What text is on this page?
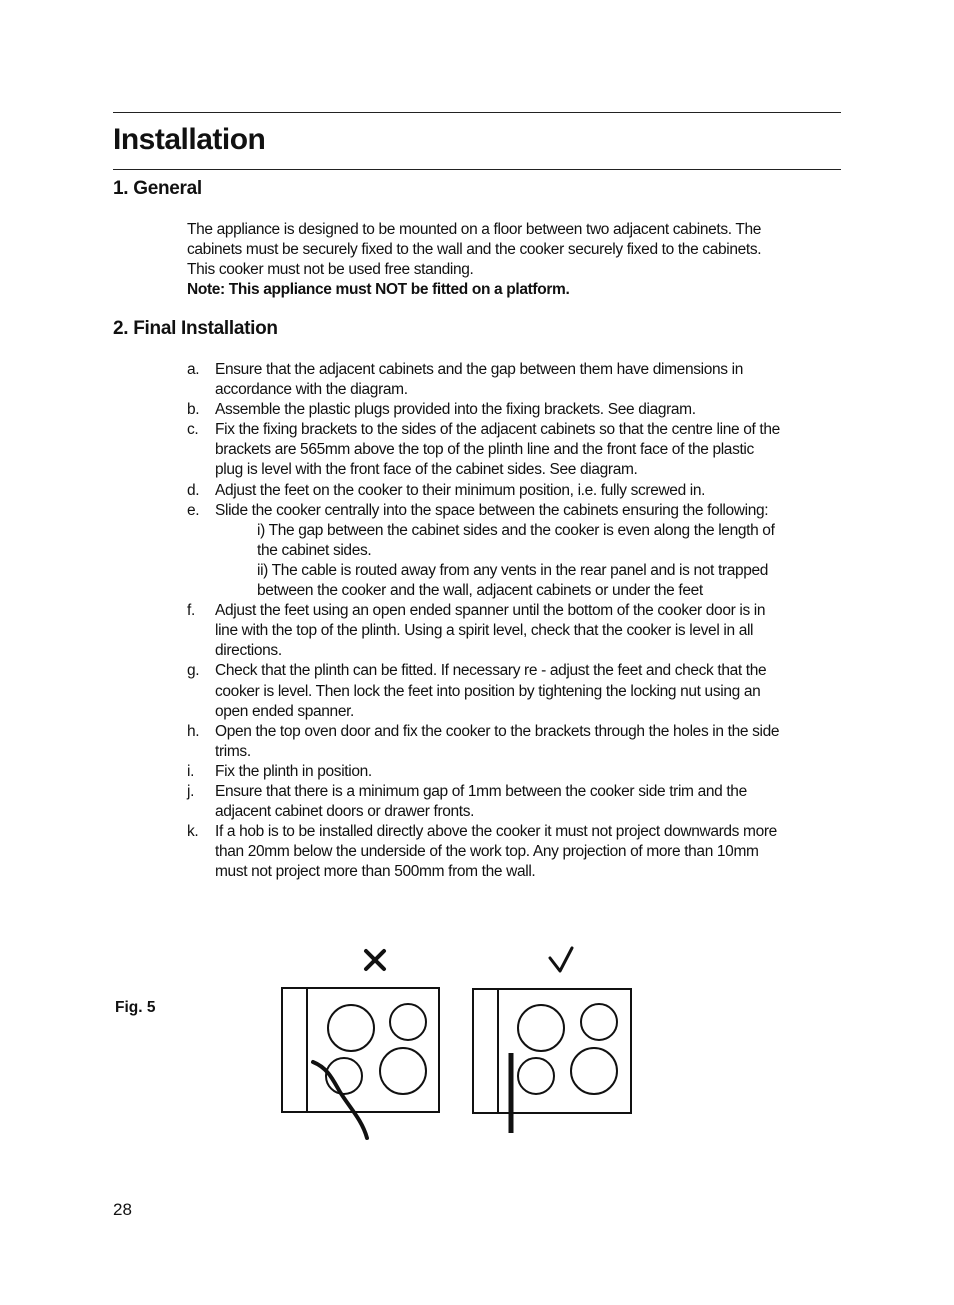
Installation
1. General

The appliance is designed to be mounted on a floor between two adjacent cabinets. The

cabinets must be securely fixed to the wall and the cooker securely fixed to the cabinets.

This cooker must not be used free standing.

Note: This appliance must NOT be fitted on a platform.

2. Final Installation
a.	Ensure that the adjacent cabinets and the gap between them have dimensions in

accordance with the diagram.

b.	Assemble the plastic plugs provided into the fixing brackets. See diagram.

c.	Fix the fixing brackets to the sides of the adjacent cabinets so that the centre line of the

brackets are 565mm above the top of the plinth line and the front face of the plastic

plug is level with the front face of the cabinet sides. See diagram.

d.	Adjust the feet on the cooker to their minimum position, i.e. fully screwed in.

e.	Slide the cooker centrally into the space between the cabinets ensuring the following:

i) The gap between the cabinet sides and the cooker is even along the length of

the cabinet sides.

ii) The cable is routed away from any vents in the rear panel and is not trapped

between the cooker and the wall, adjacent cabinets or under the feet

f.	Adjust the feet using an open ended spanner until the bottom of the cooker door is in

line with the top of the plinth. Using a spirit level, check that the cooker is level in all

directions.

g.	Check that the plinth can be fitted. If necessary re - adjust the feet and check that the

cooker is level. Then lock the feet into position by tightening the locking nut using an

open ended spanner.

h.	Open the top oven door and fix the cooker to the brackets through the holes in the side

trims.

i.	Fix the plinth in position.

j.	Ensure that there is a minimum gap of 1mm between the cooker side trim and the

adjacent cabinet doors or drawer fronts.

k.	If a hob is to be installed directly above the cooker it must not project downwards more

than 20mm below the underside of the work top. Any projection of more than 10mm

must not project more than 500mm from the wall.

Fig. 5
28
